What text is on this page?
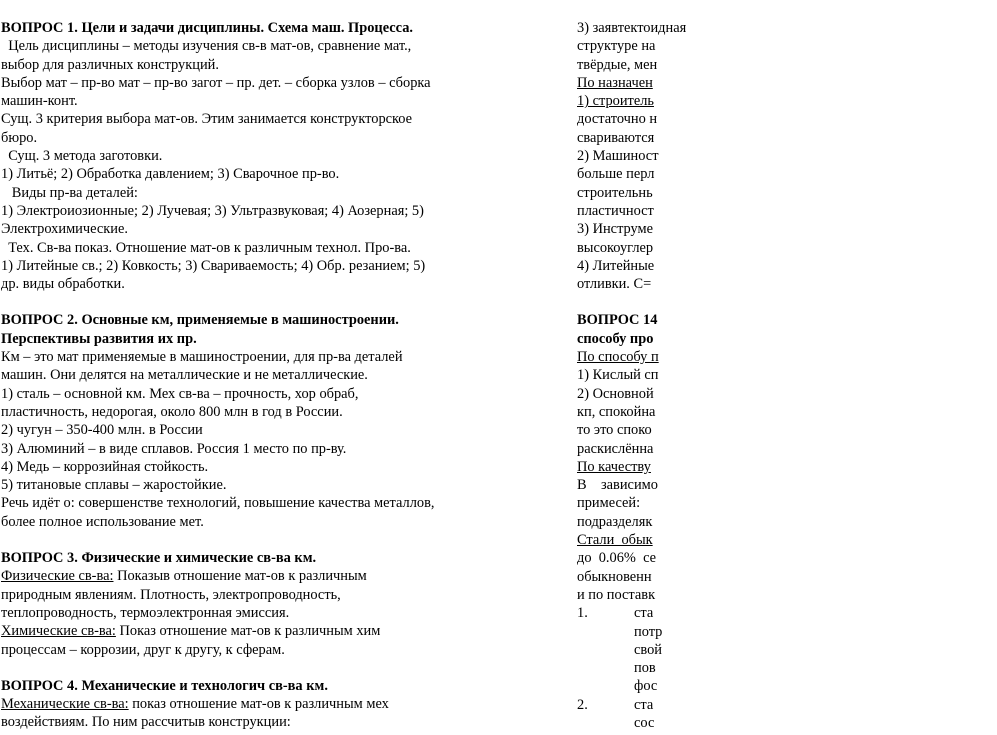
ВОПРОС 1. Цели и задачи дисциплины. Схема маш. Процесса.

Цель дисциплины – методы изучения св-в мат-ов, сравнение мат.,

выбор для различных конструкций.

Выбор мат – пр-во мат – пр-во загот – пр. дет. – сборка узлов – сборка

машин-конт.

Сущ. 3 критерия выбора мат-ов. Этим занимается конструкторское

бюро.

Сущ. 3 метода заготовки.

1) Литьё; 2) Обработка давлением; 3) Сварочное пр-во.

Виды пр-ва деталей:

1) Электроиозионные; 2) Лучевая; 3) Ультразвуковая; 4) Аозерная; 5)

Электрохимические.

Тех. Св-ва показ. Отношение мат-ов к различным технол. Про-ва.

1) Литейные св.; 2) Ковкость; 3) Свариваемость; 4) Обр. резанием; 5)

др. виды обработки.

ВОПРОС 2. Основные км, применяемые в машиностроении.

Перспективы развития их пр.

Км – это мат применяемые в машиностроении, для пр-ва деталей

машин. Они делятся на металлические и не металлические.

1) сталь – основной км. Мех св-ва – прочность, хор обраб,

пластичность, недорогая, около 800 млн в год в России.

2) чугун – 350-400 млн. в России

3) Алюминий – в виде сплавов. Россия 1 место по пр-ву.

4) Медь – коррозийная стойкость.

5) титановые сплавы – жаростойкие.

Речь идёт о: совершенстве технологий, повышение качества металлов,

более полное использование мет.

ВОПРОС 3. Физические и химические св-ва км.

Физические св-ва: Показыв отношение мат-ов к различным

природным явлениям. Плотность, электропроводность,

теплопроводность, термоэлектронная эмиссия.

Химические св-ва: Показ отношение мат-ов к различным хим

процессам – коррозии, друг к другу, к сферам.

ВОПРОС 4. Механические и технологич св-ва км.

Механические св-ва: показ отношение мат-ов к различным мех

воздействиям. По ним рассчитыв конструкции:

3) заявтектоидная

структуре на

твёрдые, мен

По назначен

1) строитель

достаточно н

свариваются

2) Машиност

больше перл

строительнь

пластичност

3) Инструме

высокоуглер

4) Литейные

отливки. С=

ВОПРОС 14

способу про

По способу п

1) Кислый сп

2) Основной

кп, спокойна

то это споко

раскислённа

По качеству

В    зависимо

примесей:

подразделяк

Стали  обык

до  0.06%  се

обыкновенн

и по поставк

1.	ста

потр

свой

пов

фос

2.	ста

сос
